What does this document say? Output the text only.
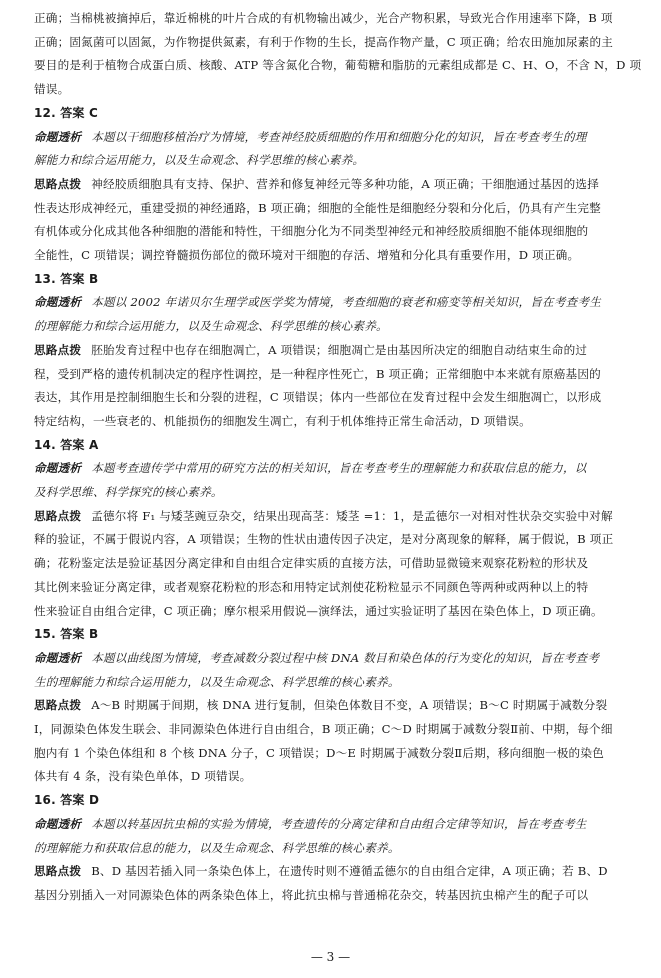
正确；当棉桃被摘掉后，靠近棉桃的叶片合成的有机物输出减少，光合产物积累，导致光合作用速率下降，B 项
正确；固氮菌可以固氮，为作物提供氮素，有利于作物的生长，提高作物产量，C 项正确；给农田施加尿素的主
要目的是利于植物合成蛋白质、核酸、ATP 等含氮化合物，葡萄糖和脂肪的元素组成都是 C、H、O，不含 N，D 项
错误。
12. 答案 C
命题透析 本题以干细胞移植治疗为情境，考查神经胶质细胞的作用和细胞分化的知识，旨在考查考生的理
解能力和综合运用能力，以及生命观念、科学思维的核心素养。
思路点拨 神经胶质细胞具有支持、保护、营养和修复神经元等多种功能，A 项正确；干细胞通过基因的选择
性表达形成神经元，重建受损的神经通路，B 项正确；细胞的全能性是细胞经分裂和分化后，仍具有产生完整
有机体或分化成其他各种细胞的潜能和特性，干细胞分化为不同类型神经元和神经胶质细胞不能体现细胞的
全能性，C 项错误；调控脊髓损伤部位的微环境对干细胞的存活、增殖和分化具有重要作用，D 项正确。
13. 答案 B
命题透析 本题以 2002 年诺贝尔生理学或医学奖为情境，考查细胞的衰老和癌变等相关知识，旨在考查考生
的理解能力和综合运用能力，以及生命观念、科学思维的核心素养。
思路点拨 胚胎发育过程中也存在细胞凋亡，A 项错误；细胞凋亡是由基因所决定的细胞自动结束生命的过
程，受到严格的遗传机制决定的程序性调控，是一种程序性死亡，B 项正确；正常细胞中本来就有原癌基因的
表达，其作用是控制细胞生长和分裂的进程，C 项错误；体内一些部位在发育过程中会发生细胞凋亡，以形成
特定结构，一些衰老的、机能损伤的细胞发生凋亡，有利于机体维持正常生命活动，D 项错误。
14. 答案 A
命题透析 本题考查遗传学中常用的研究方法的相关知识，旨在考查考生的理解能力和获取信息的能力，以
及科学思维、科学探究的核心素养。
思路点拨 孟德尔将 F₁ 与矮茎豌豆杂交，结果出现高茎：矮茎 =1：1，是孟德尔一对相对性状杂交实验中对解
释的验证，不属于假说内容，A 项错误；生物的性状由遗传因子决定，是对分离现象的解释，属于假说，B 项正
确；花粉鉴定法是验证基因分离定律和自由组合定律实质的直接方法，可借助显微镜来观察花粉粒的形状及
其比例来验证分离定律，或者观察花粉粒的形态和用特定试剂使花粉粒显示不同颜色等两种或两种以上的特
性来验证自由组合定律，C 项正确；摩尔根采用假说—演绎法，通过实验证明了基因在染色体上，D 项正确。
15. 答案 B
命题透析 本题以曲线图为情境，考查减数分裂过程中核 DNA 数目和染色体的行为变化的知识，旨在考查考
生的理解能力和综合运用能力，以及生命观念、科学思维的核心素养。
思路点拨 A～B 时期属于间期，核 DNA 进行复制，但染色体数目不变，A 项错误；B～C 时期属于减数分裂
Ⅰ，同源染色体发生联会、非同源染色体进行自由组合，B 项正确；C～D 时期属于减数分裂Ⅱ前、中期，每个细
胞内有 1 个染色体组和 8 个核 DNA 分子，C 项错误；D～E 时期属于减数分裂Ⅱ后期，移向细胞一极的染色
体共有 4 条，没有染色单体，D 项错误。
16. 答案 D
命题透析 本题以转基因抗虫棉的实验为情境，考查遗传的分离定律和自由组合定律等知识，旨在考查考生
的理解能力和获取信息的能力，以及生命观念、科学思维的核心素养。
思路点拨 B、D 基因若插入同一条染色体上，在遗传时则不遵循孟德尔的自由组合定律，A 项正确；若 B、D
基因分别插入一对同源染色体的两条染色体上，将此抗虫棉与普通棉花杂交，转基因抗虫棉产生的配子可以
— 3 —
